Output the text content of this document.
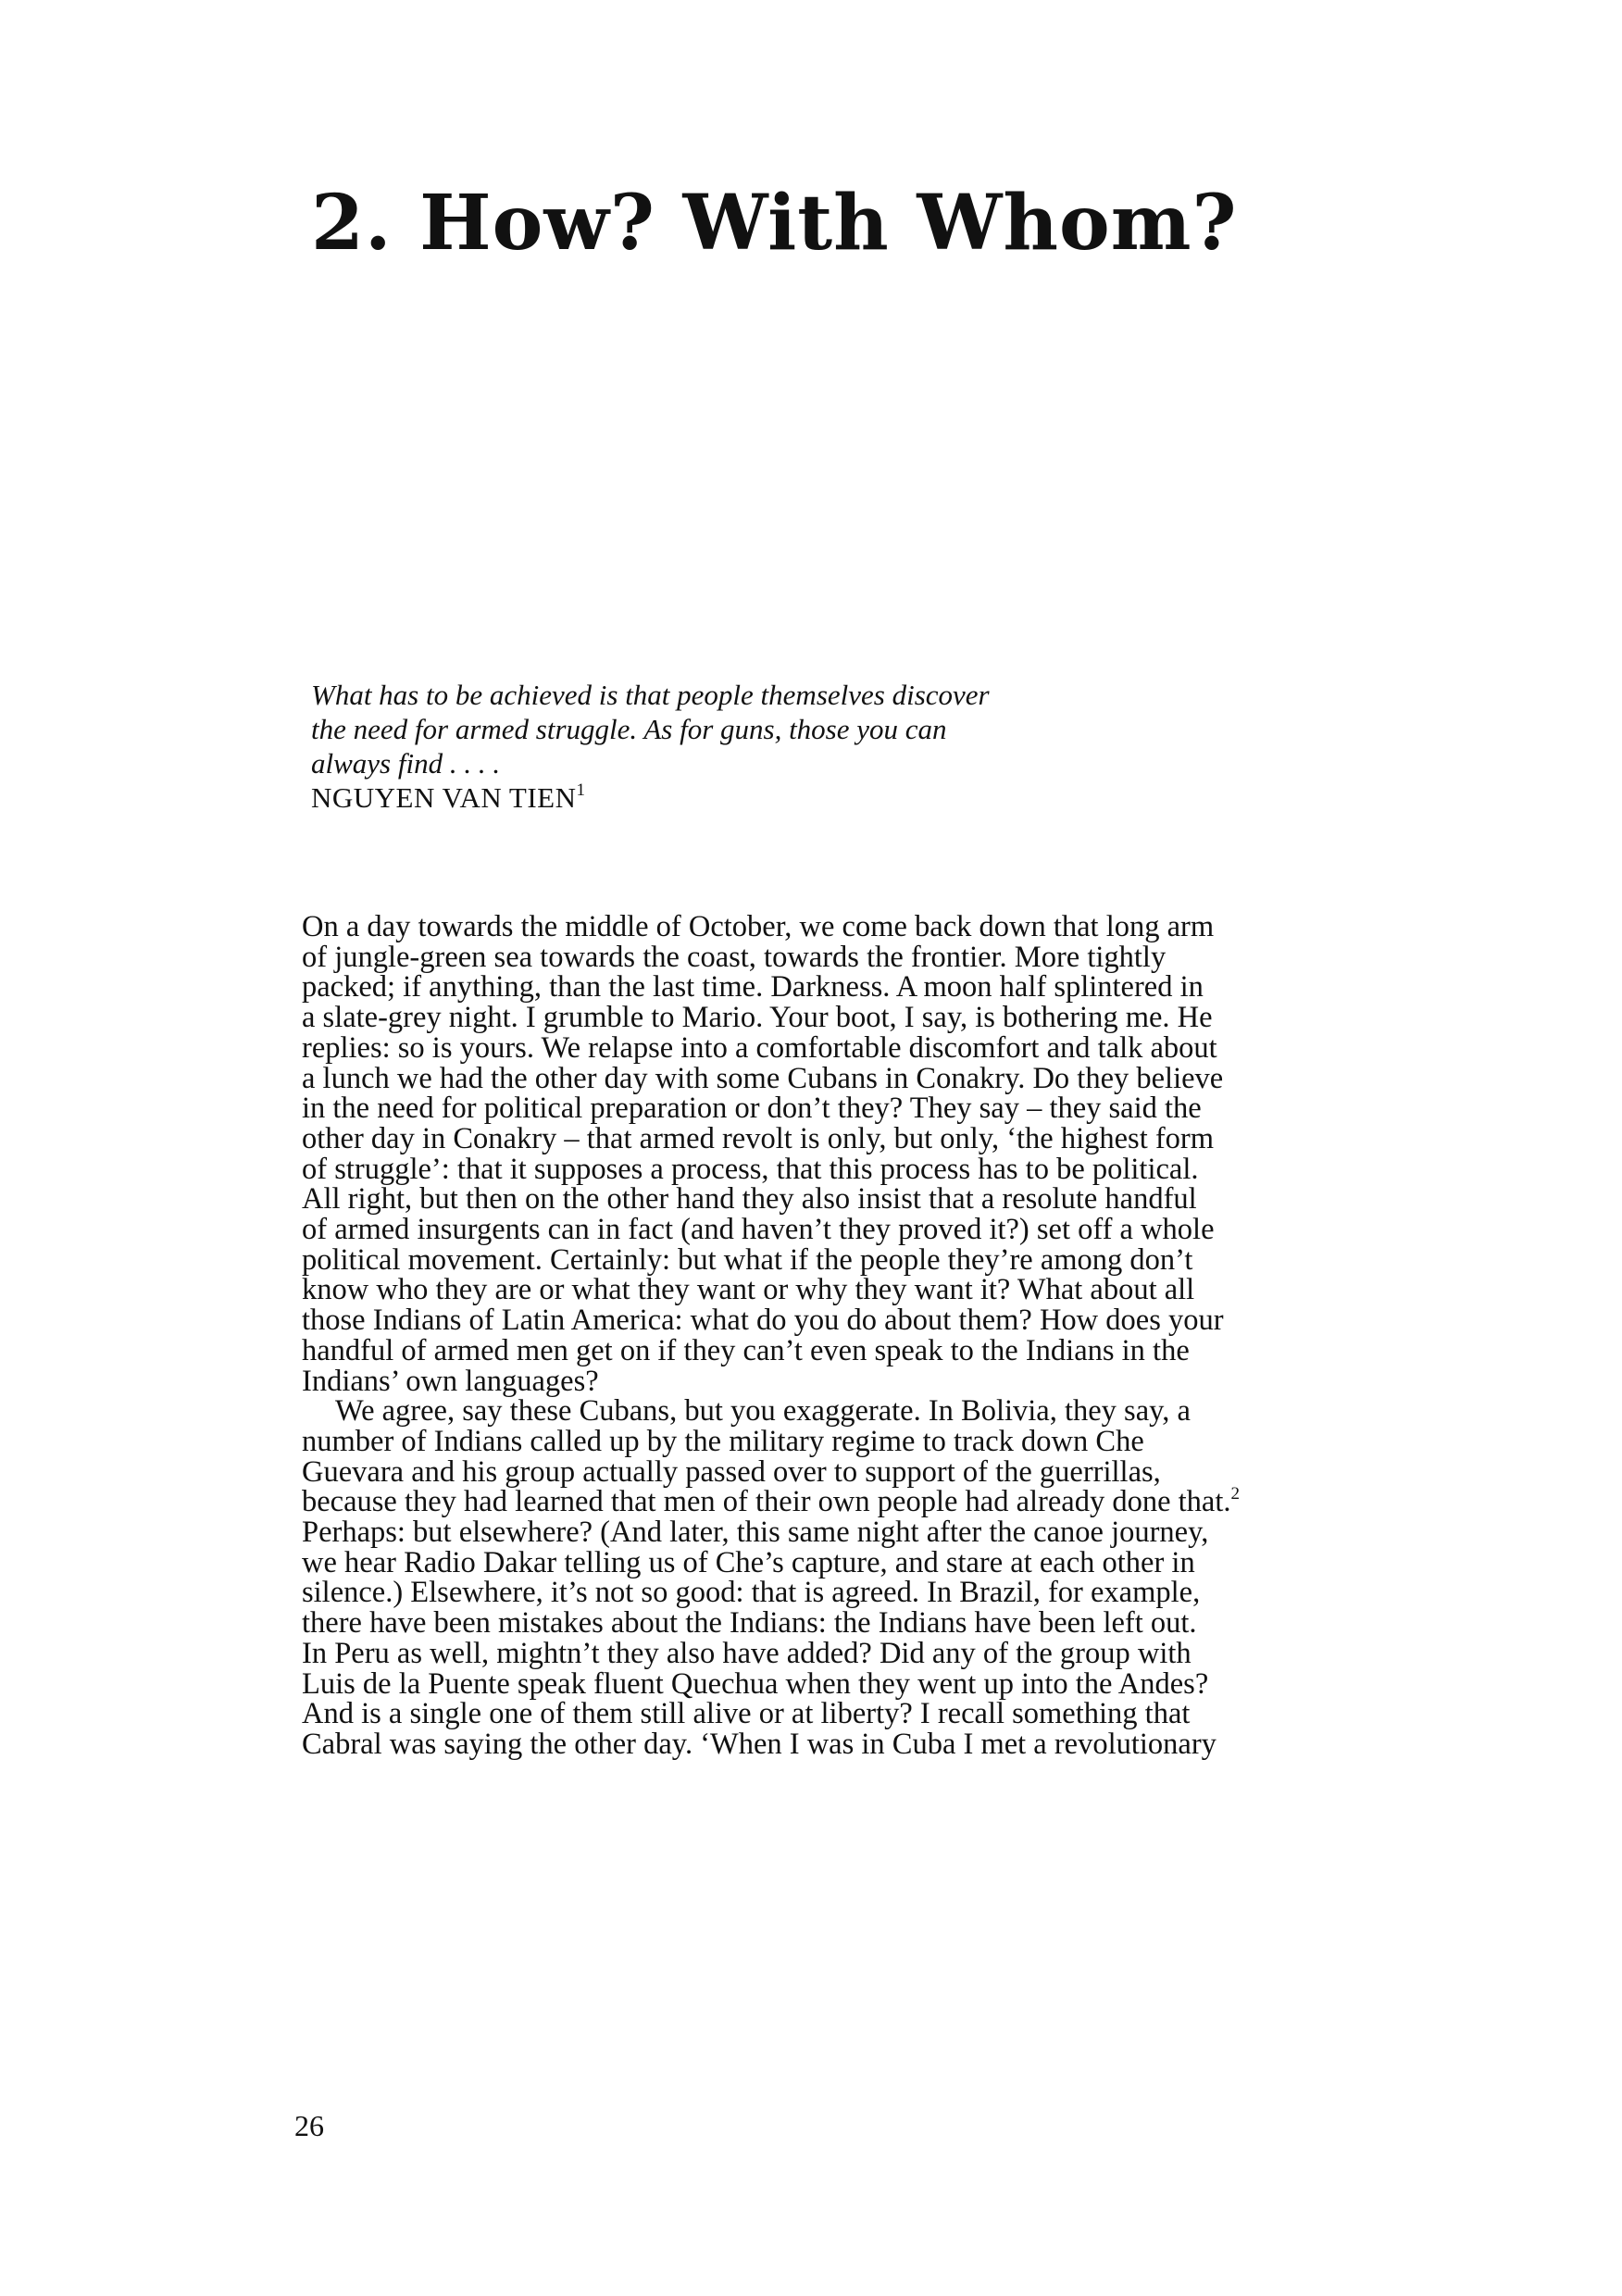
2. How? With Whom?
What has to be achieved is that people themselves discover
the need for armed struggle. As for guns, those you can
always find . . . .
NGUYEN VAN TIEN$^1$
On a day towards the middle of October, we come back down that long arm
of jungle-green sea towards the coast, towards the frontier. More tightly
packed; if anything, than the last time. Darkness. A moon half splintered in
a slate-grey night. I grumble to Mario. Your boot, I say, is bothering me. He
replies: so is yours. We relapse into a comfortable discomfort and talk about
a lunch we had the other day with some Cubans in Conakry. Do they believe
in the need for political preparation or don’t they? They say – they said the
other day in Conakry – that armed revolt is only, but only, ‘the highest form
of struggle’: that it supposes a process, that this process has to be political.
All right, but then on the other hand they also insist that a resolute handful
of armed insurgents can in fact (and haven’t they proved it?) set off a whole
political movement. Certainly: but what if the people they’re among don’t
know who they are or what they want or why they want it? What about all
those Indians of Latin America: what do you do about them? How does your
handful of armed men get on if they can’t even speak to the Indians in the
Indians’ own languages?
We agree, say these Cubans, but you exaggerate. In Bolivia, they say, a
number of Indians called up by the military regime to track down Che
Guevara and his group actually passed over to support of the guerrillas,
because they had learned that men of their own people had already done that.$^2$
Perhaps: but elsewhere? (And later, this same night after the canoe journey,
we hear Radio Dakar telling us of Che’s capture, and stare at each other in
silence.) Elsewhere, it’s not so good: that is agreed. In Brazil, for example,
there have been mistakes about the Indians: the Indians have been left out.
In Peru as well, mightn’t they also have added? Did any of the group with
Luis de la Puente speak fluent Quechua when they went up into the Andes?
And is a single one of them still alive or at liberty? I recall something that
Cabral was saying the other day. ‘When I was in Cuba I met a revolutionary
26
